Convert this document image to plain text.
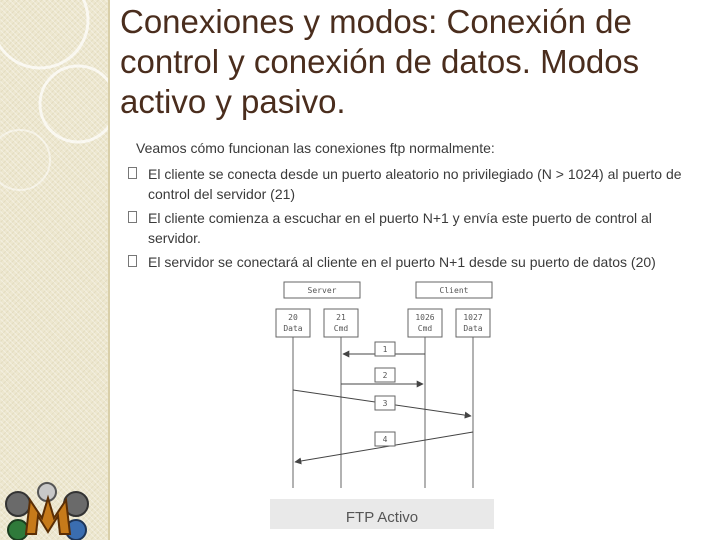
Conexiones y modos: Conexión de control y conexión de datos. Modos activo y pasivo.

Veamos cómo funcionan las conexiones ftp normalmente:

El cliente se conecta desde un puerto aleatorio no privilegiado (N > 1024) al puerto de control del servidor (21)
El cliente comienza a escuchar en el puerto N+1 y envía este puerto de control al servidor.
El servidor se conectará al cliente en el puerto N+1 desde su puerto de datos (20)
Server	Client
20
Data
21
Cmd
1026
Cmd
1027
Data
1
2
3
4
FTP Activo
